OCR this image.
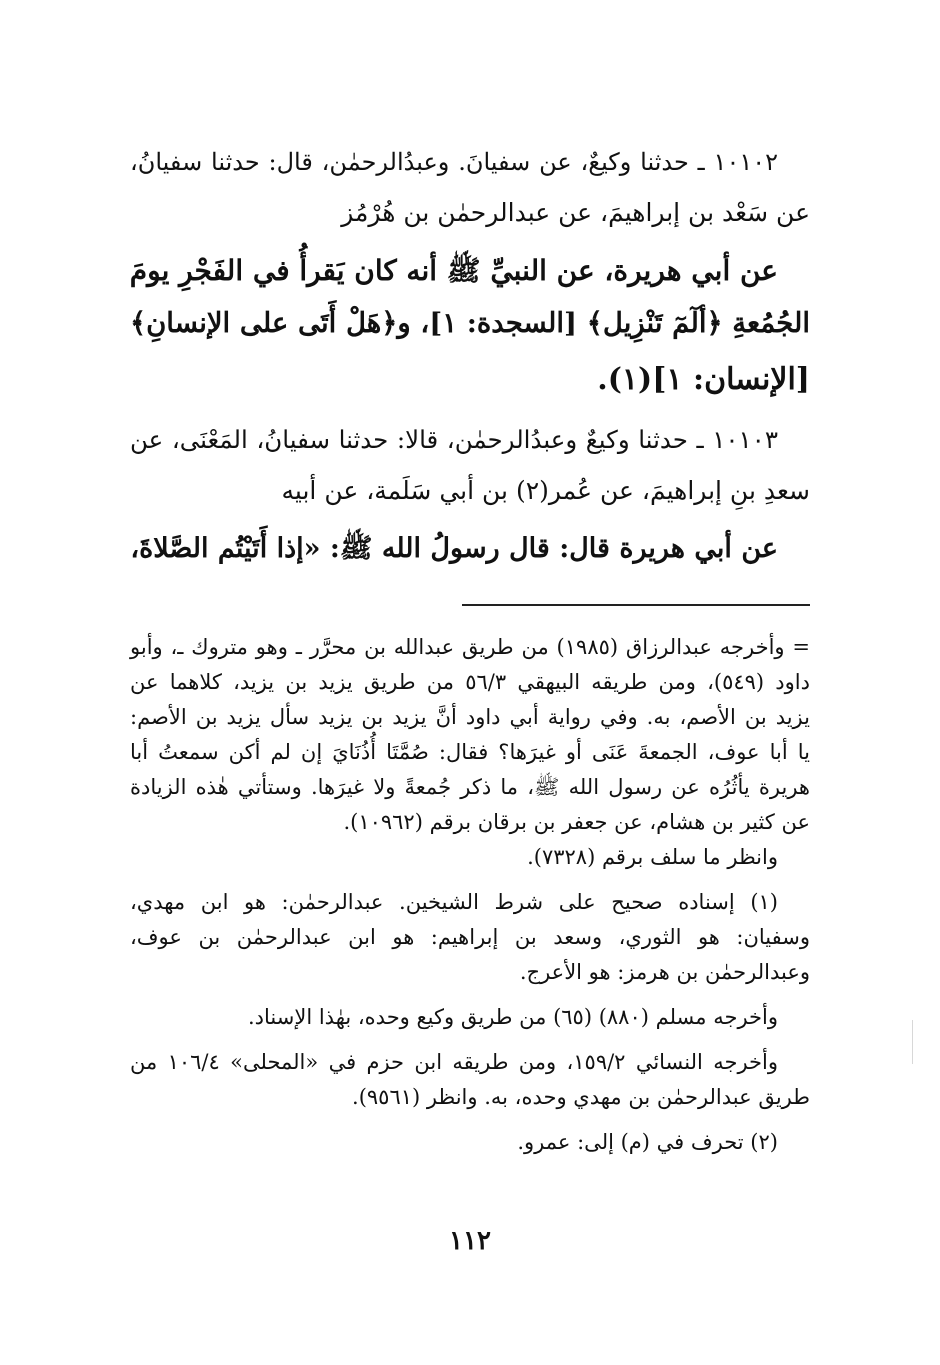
١٠١٠٢ ـ حدثنا وكيعٌ، عن سفيانَ. وعبدُالرحمٰن، قال: حدثنا سفيانُ،
عن سَعْد بن إبراهيمَ، عن عبدالرحمٰن بن هُرْمُز
عن أبي هريرة، عن النبيِّ ﷺ أنه كان يَقرأُ في الفَجْرِ يومَ
الجُمُعةِ ﴿ألٓمٓ تَنْزِيل﴾ [السجدة: ١]، و﴿هَلْ أَتَى على الإنسانِ﴾
[الإنسان: ١](١).
١٠١٠٣ ـ حدثنا وكيعٌ وعبدُالرحمٰن، قالا: حدثنا سفيانُ، المَعْنَى، عن
سعدِ بنِ إبراهيمَ، عن عُمر(٢) بن أبي سَلَمة، عن أبيه
عن أبي هريرة قال: قال رسولُ الله ﷺ: «إذا أَتَيْتُم الصَّلاةَ،
= وأخرجه عبدالرزاق (١٩٨٥) من طريق عبدالله بن محرَّر ـ وهو متروك ـ، وأبو
داود (٥٤٩)، ومن طريقه البيهقي ٥٦/٣ من طريق يزيد بن يزيد، كلاهما عن
يزيد بن الأصم، به. وفي رواية أبي داود أنَّ يزيد بن يزيد سأل يزيد بن الأصم:
يا أبا عوف، الجمعةَ عَنَى أو غيرَها؟ فقال: صُمَّتَا أُذُنَايَ إن لم أكن سمعتُ أبا
هريرة يأثُرُه عن رسول الله ﷺ، ما ذكر جُمعةً ولا غيرَها. وستأتي هٰذه الزيادة
عن كثير بن هشام، عن جعفر بن برقان برقم (١٠٩٦٢).
وانظر ما سلف برقم (٧٣٢٨).
(١) إسناده صحيح على شرط الشيخين. عبدالرحمٰن: هو ابن مهدي،
وسفيان: هو الثوري، وسعد بن إبراهيم: هو ابن عبدالرحمٰن بن عوف،
وعبدالرحمٰن بن هرمز: هو الأعرج.
وأخرجه مسلم (٨٨٠) (٦٥) من طريق وكيع وحده، بهٰذا الإسناد.
وأخرجه النسائي ١٥٩/٢، ومن طريقه ابن حزم في «المحلى» ١٠٦/٤ من
طريق عبدالرحمٰن بن مهدي وحده، به. وانظر (٩٥٦١).
(٢) تحرف في (م) إلى: عمرو.
١١٢
